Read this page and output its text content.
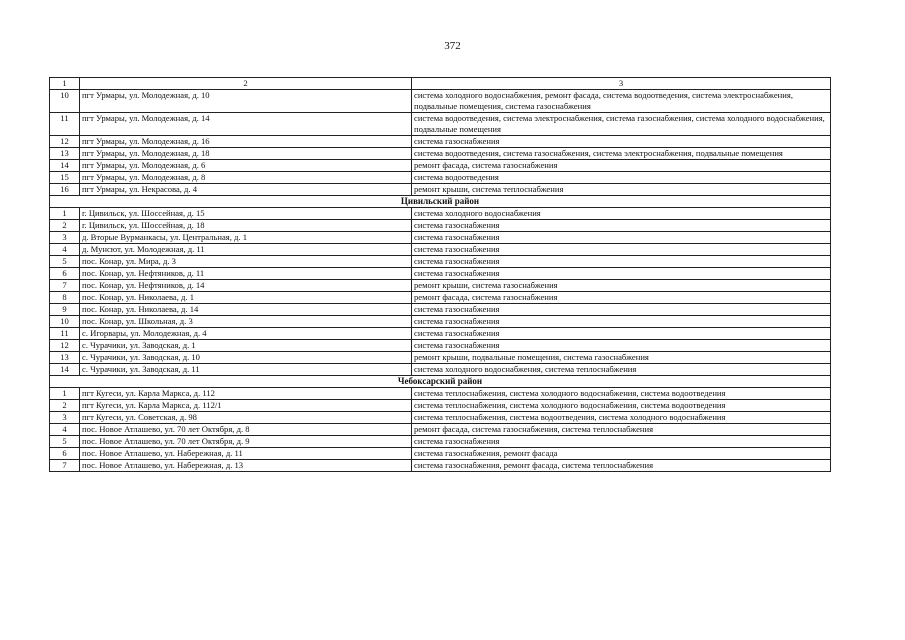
372
1	2	3
10	пгт Урмары, ул. Молодежная, д. 10	система холодного водоснабжения, ремонт фасада, система водоотведения, система электроснабжения, подвальные помещения, система газоснабжения
11	пгт Урмары, ул. Молодежная, д. 14	система водоотведения, система электроснабжения, система газоснабжения, система холодного водоснабжения, подвальные помещения
12	пгт Урмары, ул. Молодежная, д. 16	система газоснабжения
13	пгт Урмары, ул. Молодежная, д. 18	система водоотведения, система газоснабжения, система электроснабжения, подвальные помещения
14	пгт Урмары, ул. Молодежная, д. 6	ремонт фасада, система газоснабжения
15	пгт Урмары, ул. Молодежная, д. 8	система водоотведения
16	пгт Урмары, ул. Некрасова, д. 4	ремонт крыши, система теплоснабжения
Цивильский район		
1	г. Цивильск, ул. Шоссейная, д. 15	система холодного водоснабжения
2	г. Цивильск, ул. Шоссейная, д. 18	система газоснабжения
3	д. Вторые Вурманкасы, ул. Центральная, д. 1	система газоснабжения
4	д. Мунсют, ул. Молодежная, д. 11	система газоснабжения
5	пос. Конар, ул. Мира, д. 3	система газоснабжения
6	пос. Конар, ул. Нефтяников, д. 11	система газоснабжения
7	пос. Конар, ул. Нефтяников, д. 14	ремонт крыши, система газоснабжения
8	пос. Конар, ул. Николаева, д. 1	ремонт фасада, система газоснабжения
9	пос. Конар, ул. Николаева, д. 14	система газоснабжения
10	пос. Конар, ул. Школьная, д. 3	система газоснабжения
11	с. Игорвары, ул. Молодежная, д. 4	система газоснабжения
12	с. Чурачики, ул. Заводская, д. 1	система газоснабжения
13	с. Чурачики, ул. Заводская, д. 10	ремонт крыши, подвальные помещения, система газоснабжения
14	с. Чурачики, ул. Заводская, д. 11	система холодного водоснабжения, система теплоснабжения
Чебоксарский район		
1	пгт Кугеси, ул. Карла Маркса, д. 112	система теплоснабжения, система холодного водоснабжения, система водоотведения
2	пгт Кугеси, ул. Карла Маркса, д. 112/1	система теплоснабжения, система холодного водоснабжения, система водоотведения
3	пгт Кугеси, ул. Советская, д. 98	система теплоснабжения, система водоотведения, система холодного водоснабжения
4	пос. Новое Атлашево, ул. 70 лет Октября, д. 8	ремонт фасада, система газоснабжения, система теплоснабжения
5	пос. Новое Атлашево, ул. 70 лет Октября, д. 9	система газоснабжения
6	пос. Новое Атлашево, ул. Набережная, д. 11	система газоснабжения, ремонт фасада
7	пос. Новое Атлашево, ул. Набережная, д. 13	система газоснабжения, ремонт фасада, система теплоснабжения
